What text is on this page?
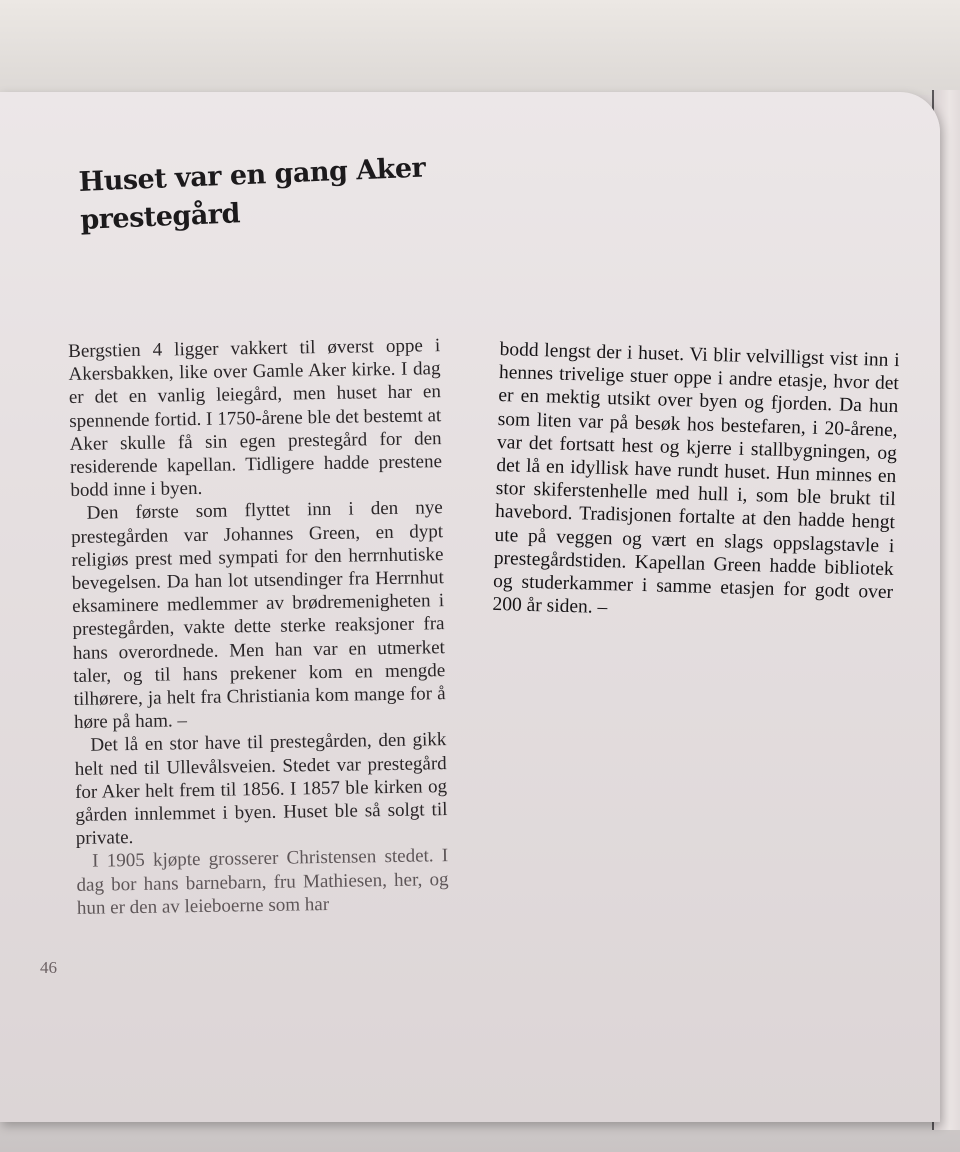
Huset var en gang Aker prestegård

Bergstien 4 ligger vakkert til øverst oppe i Akersbakken, like over Gamle Aker kirke. I dag er det en vanlig leiegård, men huset har en spennende fortid. I 1750-årene ble det bestemt at Aker skulle få sin egen prestegård for den residerende kapellan. Tidligere hadde prestene bodd inne i byen.

Den første som flyttet inn i den nye prestegården var Johannes Green, en dypt religiøs prest med sympati for den herrnhutiske bevegelsen. Da han lot utsendinger fra Herrnhut eksaminere medlemmer av brødremenigheten i prestegården, vakte dette sterke reaksjoner fra hans overordnede. Men han var en utmerket taler, og til hans prekener kom en mengde tilhørere, ja helt fra Christiania kom mange for å høre på ham. –

Det lå en stor have til prestegården, den gikk helt ned til Ullevålsveien. Stedet var prestegård for Aker helt frem til 1856. I 1857 ble kirken og gården innlemmet i byen. Huset ble så solgt til private.

I 1905 kjøpte grosserer Christensen stedet. I dag bor hans barnebarn, fru Mathiesen, her, og hun er den av leieboerne som har

bodd lengst der i huset. Vi blir velvilligst vist inn i hennes trivelige stuer oppe i andre etasje, hvor det er en mektig utsikt over byen og fjorden. Da hun som liten var på besøk hos bestefaren, i 20-årene, var det fortsatt hest og kjerre i stallbygningen, og det lå en idyllisk have rundt huset. Hun minnes en stor skiferstenhelle med hull i, som ble brukt til havebord. Tradisjonen fortalte at den hadde hengt ute på veggen og vært en slags oppslagstavle i prestegårdstiden. Kapellan Green hadde bibliotek og studerkammer i samme etasjen for godt over 200 år siden. –

46
